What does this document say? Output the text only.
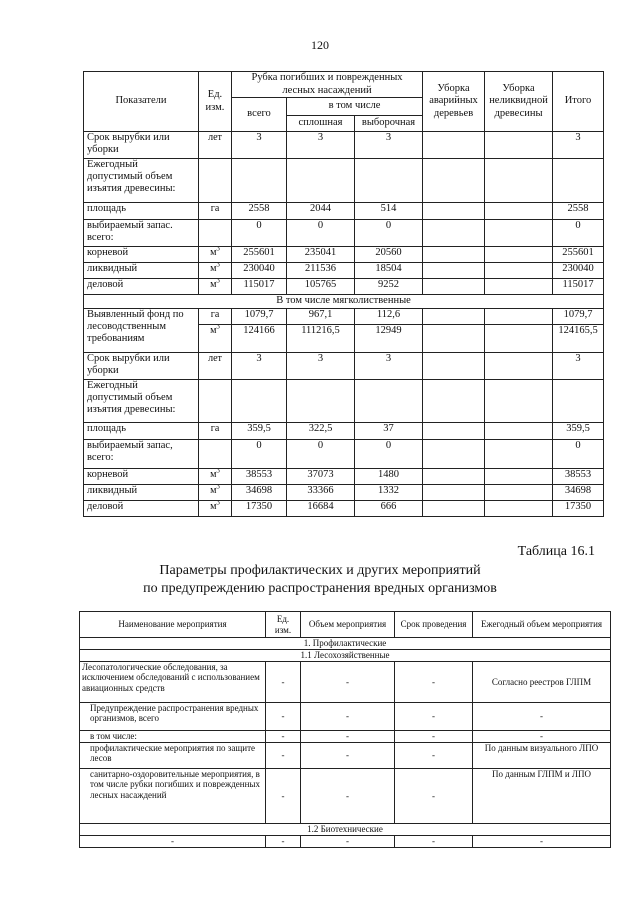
120
Показатели	Ед. изм.	Рубка погибших и поврежденных лесных насаждений			Уборка аварийных деревьев	Уборка неликвидной древесины	Итого
		всего	в том числе				
			сплошная	выборочная			
Срок вырубки или уборки	лет	3	3	3			3
Ежегодный допустимый объем изъятия древесины:							
площадь	га	2558	2044	514			2558
выбираемый запас. всего:		0	0	0			0
корневой	$м^3$	255601	235041	20560			255601
ликвидный	$м^3$	230040	211536	18504			230040
деловой	$м^3$	115017	105765	9252			115017
В том числе мягколиственные							
Выявленный фонд по лесоводственным требованиям	га	1079,7	967,1	112,6			1079,7
	$м^3$	124166	111216,5	12949			124165,5
Срок вырубки или уборки	лет	3	3	3			3
Ежегодный допустимый объем изъятия древесины:							
площадь	га	359,5	322,5	37			359,5
выбираемый запас, всего:		0	0	0			0
корневой	$м^3$	38553	37073	1480			38553
ликвидный	$м^3$	34698	33366	1332			34698
деловой	$м^3$	17350	16684	666			17350
Таблица 16.1
Параметры профилактических и других мероприятий
по предупреждению распространения вредных организмов
Наименование мероприятия	Ед. изм.	Объем мероприятия	Срок проведения	Ежегодный объем мероприятия
1. Профилактические				
1.1 Лесохозяйственные				
Лесопатологические обследования, за исключением обследований с использованием авиационных средств	-	-	-	Согласно реестров ГЛПМ
Предупреждение распространения вредных организмов, всего	-	-	-	-
в том числе:	-	-	-	-
профилактические мероприятия по защите лесов	-	-	-	По данным визуального ЛПО
санитарно-оздоровительные мероприятия, в том числе рубки погибших и поврежденных лесных насаждений	-	-	-	По данным ГЛПМ и ЛПО
1.2 Биотехнические				
-	-	-	-	-
